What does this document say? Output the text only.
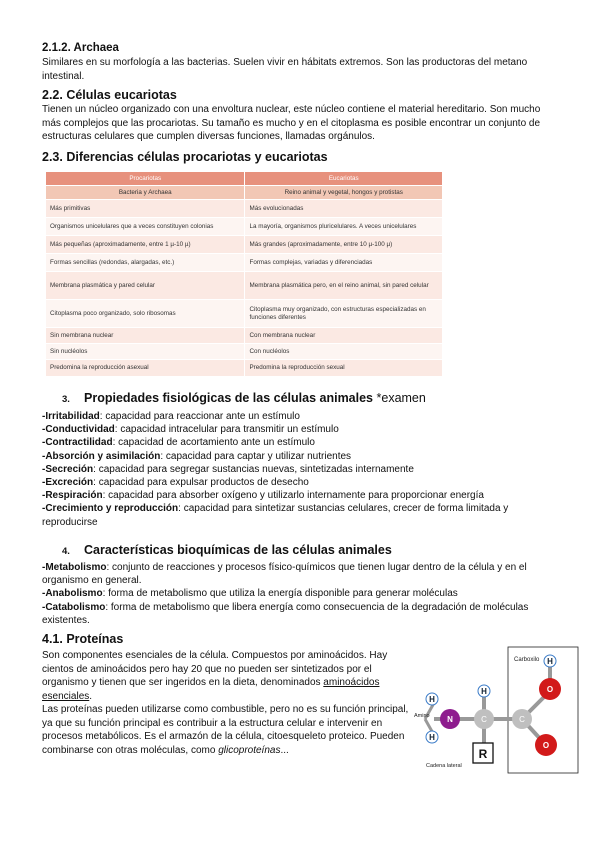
2.1.2. Archaea

Similares en su morfología a las bacterias. Suelen vivir en hábitats extremos. Son las productoras del metano intestinal.

2.2. Células eucariotas

Tienen un núcleo organizado con una envoltura nuclear, este núcleo contiene el material hereditario. Son mucho más complejos que las procariotas. Su tamaño es mucho y en el citoplasma es posible encontrar un conjunto de estructuras celulares que cumplen diversas funciones, llamadas orgánulos.

2.3. Diferencias células procariotas y eucariotas
Procariotas	Eucariotas
Bacteria y Archaea	Reino animal y vegetal, hongos y protistas
Más primitivas	Más evolucionadas
Organismos unicelulares que a veces constituyen colonias	La mayoría, organismos pluricelulares. A veces unicelulares
Más pequeñas (aproximadamente, entre 1 µ-10 µ)	Más grandes (aproximadamente, entre 10 µ-100 µ)
Formas sencillas (redondas, alargadas, etc.)	Formas complejas, variadas y diferenciadas
Membrana plasmática y pared celular	Membrana plasmática pero, en el reino animal, sin pared celular
Citoplasma poco organizado, solo ribosomas	Citoplasma muy organizado, con estructuras especializadas en funciones diferentes
Sin membrana nuclear	Con membrana nuclear
Sin nucléolos	Con nucléolos
Predomina la reproducción asexual	Predomina la reproducción sexual
3. Propiedades fisiológicas de las células animales *examen

-Irritabilidad: capacidad para reaccionar ante un estímulo

-Conductividad: capacidad intracelular para transmitir un estímulo

-Contractilidad: capacidad de acortamiento ante un estímulo

-Absorción y asimilación: capacidad para captar y utilizar nutrientes

-Secreción: capacidad para segregar sustancias nuevas, sintetizadas internamente

-Excreción: capacidad para expulsar productos de desecho

-Respiración: capacidad para absorber oxígeno y utilizarlo internamente para proporcionar energía

-Crecimiento y reproducción: capacidad para sintetizar sustancias celulares, crecer de forma limitada y reproducirse

4. Características bioquímicas de las células animales

-Metabolismo: conjunto de reacciones y procesos físico-químicos que tienen lugar dentro de la célula y en el organismo en general.

-Anabolismo: forma de metabolismo que utiliza la energía disponible para generar moléculas

-Catabolismo: forma de metabolismo que libera energía como consecuencia de la degradación de moléculas existentes.

4.1. Proteínas

Son componentes esenciales de la célula. Compuestos por aminoácidos. Hay cientos de aminoácidos pero hay 20 que no pueden ser sintetizados por el organismo y tienen que ser ingeridos en la dieta, denominados aminoácidos esenciales.

Las proteínas pueden utilizarse como combustible, pero no es su función principal, ya que su función principal es contribuir a la estructura celular e intervenir en procesos metabólicos. Es el armazón de la célula, citoesqueleto proteico. Pueden combinarse con otras moléculas, como glicoproteínas...

Carboxilo
Amino
H
H
N
H
C
R
Cadena lateral
C
O
H
O
